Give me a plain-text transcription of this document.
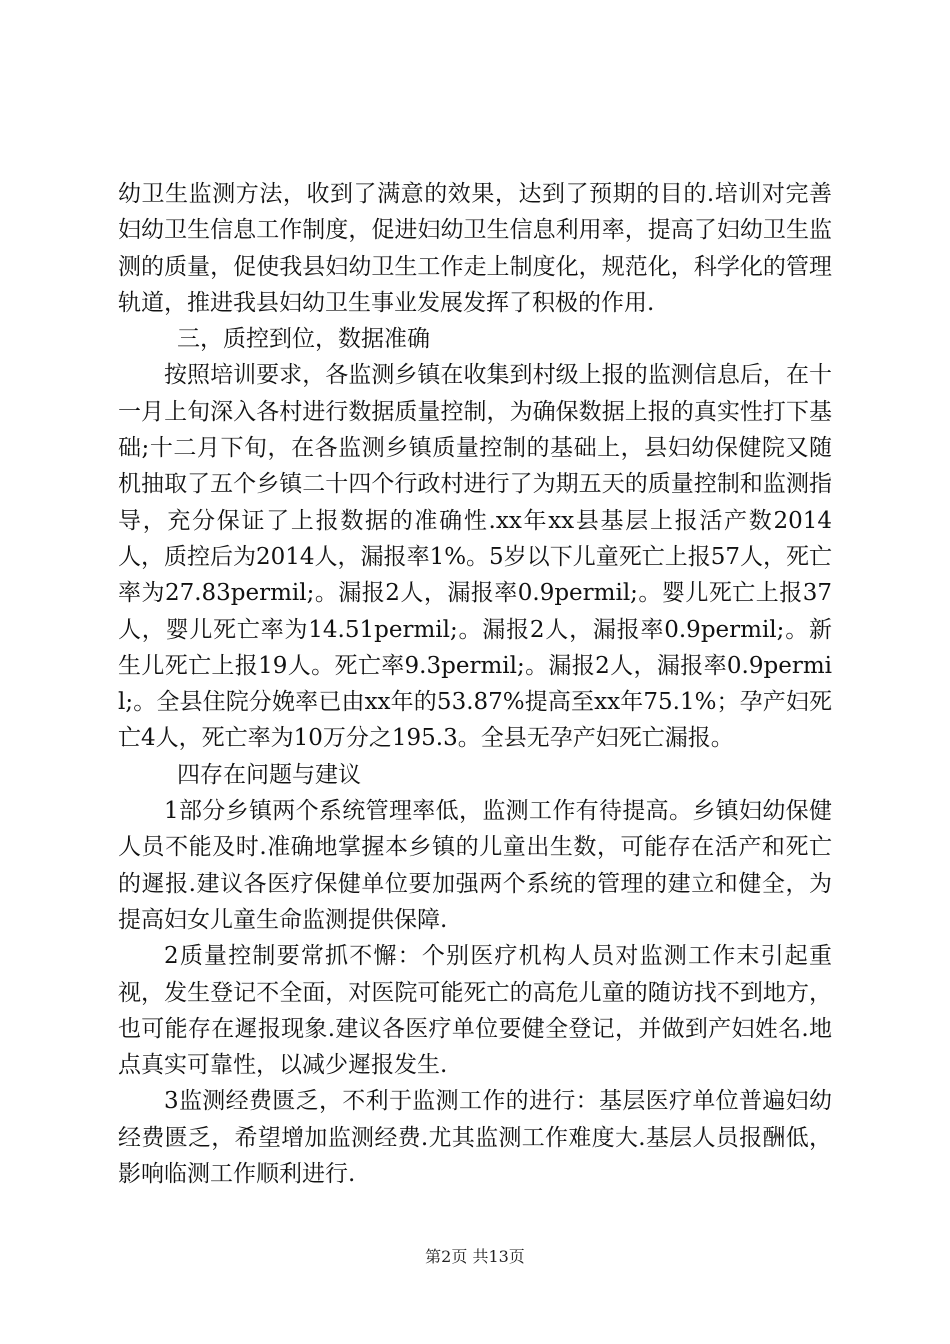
幼卫生监测方法，收到了满意的效果，达到了预期的目的.培训对完善妇幼卫生信息工作制度，促进妇幼卫生信息利用率，提高了妇幼卫生监测的质量，促使我县妇幼卫生工作走上制度化，规范化，科学化的管理轨道，推进我县妇幼卫生事业发展发挥了积极的作用.

三，质控到位，数据准确

按照培训要求，各监测乡镇在收集到村级上报的监测信息后，在十一月上旬深入各村进行数据质量控制，为确保数据上报的真实性打下基础;十二月下旬，在各监测乡镇质量控制的基础上，县妇幼保健院又随机抽取了五个乡镇二十四个行政村进行了为期五天的质量控制和监测指导，充分保证了上报数据的准确性.xx年xx县基层上报活产数2014人，质控后为2014人，漏报率1%。5岁以下儿童死亡上报57人，死亡率为27.83permil;。漏报2人，漏报率0.9permil;。婴儿死亡上报37人，婴儿死亡率为14.51permil;。漏报2人，漏报率0.9permil;。新生儿死亡上报19人。死亡率9.3permil;。漏报2人，漏报率0.9permil;。全县住院分娩率已由xx年的53.87%提高至xx年75.1%；孕产妇死亡4人，死亡率为10万分之195.3。全县无孕产妇死亡漏报。

四存在问题与建议

1部分乡镇两个系统管理率低，监测工作有待提高。乡镇妇幼保健人员不能及时.准确地掌握本乡镇的儿童出生数，可能存在活产和死亡的遲报.建议各医疗保健单位要加强两个系统的管理的建立和健全，为提高妇女儿童生命监测提供保障.

2质量控制要常抓不懈：个别医疗机构人员对监测工作末引起重视，发生登记不全面，对医院可能死亡的高危儿童的随访找不到地方，也可能存在遲报现象.建议各医疗单位要健全登记，并做到产妇姓名.地点真实可靠性，以减少遲报发生.

3监测经费匮乏，不利于监测工作的进行：基层医疗单位普遍妇幼经费匮乏，希望增加监测经费.尤其监测工作难度大.基层人员报酬低，影响临测工作顺利进行.

第2页 共13页
